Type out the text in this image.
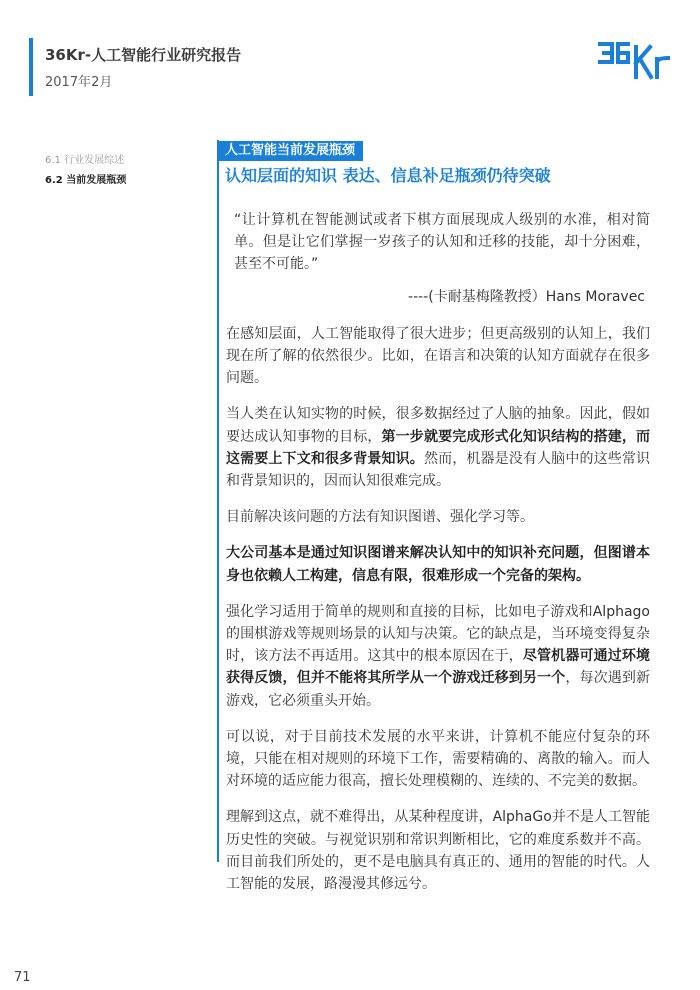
36Kr-人工智能行业研究报告
2017年2月
6.1 行业发展综述
6.2 当前发展瓶颈
人工智能当前发展瓶颈
认知层面的知识 表达、信息补足瓶颈仍待突破

“让计算机在智能测试或者下棋方面展现成人级别的水准，相对简单。但是让它们掌握一岁孩子的认知和迁移的技能，却十分困难，甚至不可能。”

----(卡耐基梅隆教授）Hans Moravec

在感知层面，人工智能取得了很大进步；但更高级别的认知上，我们现在所了解的依然很少。比如，在语言和决策的认知方面就存在很多问题。

当人类在认知实物的时候，很多数据经过了人脑的抽象。因此，假如要达成认知事物的目标，第一步就要完成形式化知识结构的搭建，而这需要上下文和很多背景知识。然而，机器是没有人脑中的这些常识和背景知识的，因而认知很难完成。

目前解决该问题的方法有知识图谱、强化学习等。

大公司基本是通过知识图谱来解决认知中的知识补充问题，但图谱本身也依赖人工构建，信息有限，很难形成一个完备的架构。

强化学习适用于简单的规则和直接的目标，比如电子游戏和Alphago的围棋游戏等规则场景的认知与决策。它的缺点是，当环境变得复杂时，该方法不再适用。这其中的根本原因在于，尽管机器可通过环境获得反馈，但并不能将其所学从一个游戏迁移到另一个，每次遇到新游戏，它必须重头开始。

可以说，对于目前技术发展的水平来讲，计算机不能应付复杂的环境，只能在相对规则的环境下工作，需要精确的、离散的输入。而人对环境的适应能力很高，擅长处理模糊的、连续的、不完美的数据。

理解到这点，就不难得出，从某种程度讲，AlphaGo并不是人工智能历史性的突破。与视觉识别和常识判断相比，它的难度系数并不高。而目前我们所处的，更不是电脑具有真正的、通用的智能的时代。人工智能的发展，路漫漫其修远兮。

71
